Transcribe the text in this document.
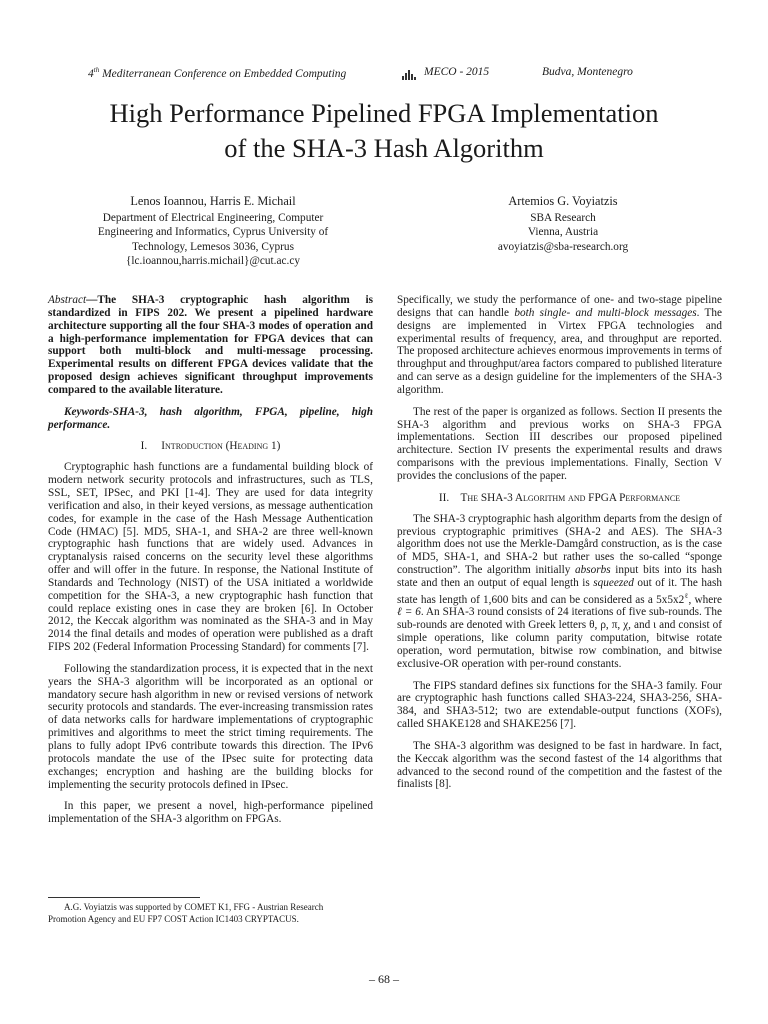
4th Mediterranean Conference on Embedded Computing	MECO - 2015	Budva, Montenegro
High Performance Pipelined FPGA Implementation
of the SHA-3 Hash Algorithm
Lenos Ioannou, Harris E. Michail
Department of Electrical Engineering, Computer
Engineering and Informatics, Cyprus University of
Technology, Lemesos 3036, Cyprus
{lc.ioannou,harris.michail}@cut.ac.cy
Artemios G. Voyiatzis
SBA Research
Vienna, Austria
avoyiatzis@sba-research.org

Abstract—The SHA-3 cryptographic hash algorithm is standardized in FIPS 202. We present a pipelined hardware architecture supporting all the four SHA-3 modes of operation and a high-performance implementation for FPGA devices that can support both multi-block and multi-message processing. Experimental results on different FPGA devices validate that the proposed design achieves significant throughput improvements compared to the available literature.

Keywords-SHA-3, hash algorithm, FPGA, pipeline, high performance.

I. Introduction (Heading 1)

Cryptographic hash functions are a fundamental building block of modern network security protocols and infrastructures, such as TLS, SSL, SET, IPSec, and PKI [1-4]. They are used for data integrity verification and also, in their keyed versions, as message authentication codes, for example in the case of the Hash Message Authentication Code (HMAC) [5]. MD5, SHA-1, and SHA-2 are three well-known cryptographic hash functions that are widely used. Advances in cryptanalysis raised concerns on the security level these algorithms offer and will offer in the future. In response, the National Institute of Standards and Technology (NIST) of the USA initiated a worldwide competition for the SHA-3, a new cryptographic hash function that could replace existing ones in case they are broken [6]. In October 2012, the Keccak algorithm was nominated as the SHA-3 and in May 2014 the final details and modes of operation were published as a draft FIPS 202 (Federal Information Processing Standard) for comments [7].

Following the standardization process, it is expected that in the next years the SHA-3 algorithm will be incorporated as an optional or mandatory secure hash algorithm in new or revised versions of network security protocols and standards. The ever-increasing transmission rates of data networks calls for hardware implementations of cryptographic primitives and algorithms to meet the strict timing requirements. The plans to fully adopt IPv6 contribute towards this direction. The IPv6 protocols mandate the use of the IPsec suite for protecting data exchanges; encryption and hashing are the building blocks for implementing the security protocols defined in IPsec.

In this paper, we present a novel, high-performance pipelined implementation of the SHA-3 algorithm on FPGAs.

Specifically, we study the performance of one- and two-stage pipeline designs that can handle both single- and multi-block messages. The designs are implemented in Virtex FPGA technologies and experimental results of frequency, area, and throughput are reported. The proposed architecture achieves enormous improvements in terms of throughput and throughput/area factors compared to published literature and can serve as a design guideline for the implementers of the SHA-3 algorithm.

The rest of the paper is organized as follows. Section II presents the SHA-3 algorithm and previous works on SHA-3 FPGA implementations. Section III describes our proposed pipelined architecture. Section IV presents the experimental results and draws comparisons with the previous implementations. Finally, Section V provides the conclusions of the paper.

II. The SHA-3 Algorithm and FPGA Performance

The SHA-3 cryptographic hash algorithm departs from the design of previous cryptographic primitives (SHA-2 and AES). The SHA-3 algorithm does not use the Merkle-Damgård construction, as is the case of MD5, SHA-1, and SHA-2 but rather uses the so-called “sponge construction”. The algorithm initially absorbs input bits into its hash state and then an output of equal length is squeezed out of it. The hash state has length of 1,600 bits and can be considered as a $5x5x2^\ell$, where ℓ = 6. An SHA-3 round consists of 24 iterations of five sub-rounds. The sub-rounds are denoted with Greek letters θ, ρ, π, χ, and ι and consist of simple operations, like column parity computation, bitwise rotate operation, word permutation, bitwise row combination, and bitwise exclusive-OR operation with per-round constants.

The FIPS standard defines six functions for the SHA-3 family. Four are cryptographic hash functions called SHA3-224, SHA3-256, SHA-384, and SHA3-512; two are extendable-output functions (XOFs), called SHAKE128 and SHAKE256 [7].

The SHA-3 algorithm was designed to be fast in hardware. In fact, the Keccak algorithm was the second fastest of the 14 algorithms that advanced to the second round of the competition and the fastest of the finalists [8].

A.G. Voyiatzis was supported by COMET K1, FFG - Austrian Research
Promotion Agency and EU FP7 COST Action IC1403 CRYPTACUS.
– 68 –
